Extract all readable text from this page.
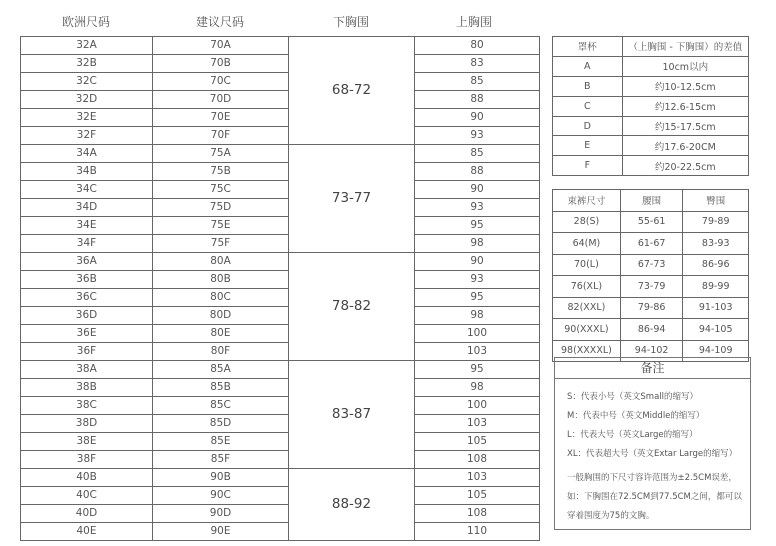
欧洲尺码	建议尺码	下胸围	上胸围
32A	70A	68-72	80
32B	70B		83
32C	70C		85
32D	70D		88
32E	70E		90
32F	70F		93
34A	75A	73-77	85
34B	75B		88
34C	75C		90
34D	75D		93
34E	75E		95
34F	75F		98
36A	80A	78-82	90
36B	80B		93
36C	80C		95
36D	80D		98
36E	80E		100
36F	80F		103
38A	85A	83-87	95
38B	85B		98
38C	85C		100
38D	85D		103
38E	85E		105
38F	85F		108
40B	90B	88-92	103
40C	90C		105
40D	90D		108
40E	90E		110
罩杯	（上胸围 - 下胸围）的差值
A	10cm以内
B	约10-12.5cm
C	约12.6-15cm
D	约15-17.5cm
E	约17.6-20CM
F	约20-22.5cm
束裤尺寸	腰围	臀围
28(S)	55-61	79-89
64(M)	61-67	83-93
70(L)	67-73	86-96
76(XL)	73-79	89-99
82(XXL)	79-86	91-103
90(XXXL)	86-94	94-105
98(XXXXL)	94-102	94-109
备注
S：代表小号（英文Small的缩写）
M：代表中号（英文Middle的缩写）
L：代表大号（英文Large的缩写）
XL：代表超大号（英文Extar Large的缩写）
一般胸围的下尺寸容许范围为±2.5CM误差，如：下胸围在72.5CM到77.5CM之间，都可以穿着围度为75的文胸。
